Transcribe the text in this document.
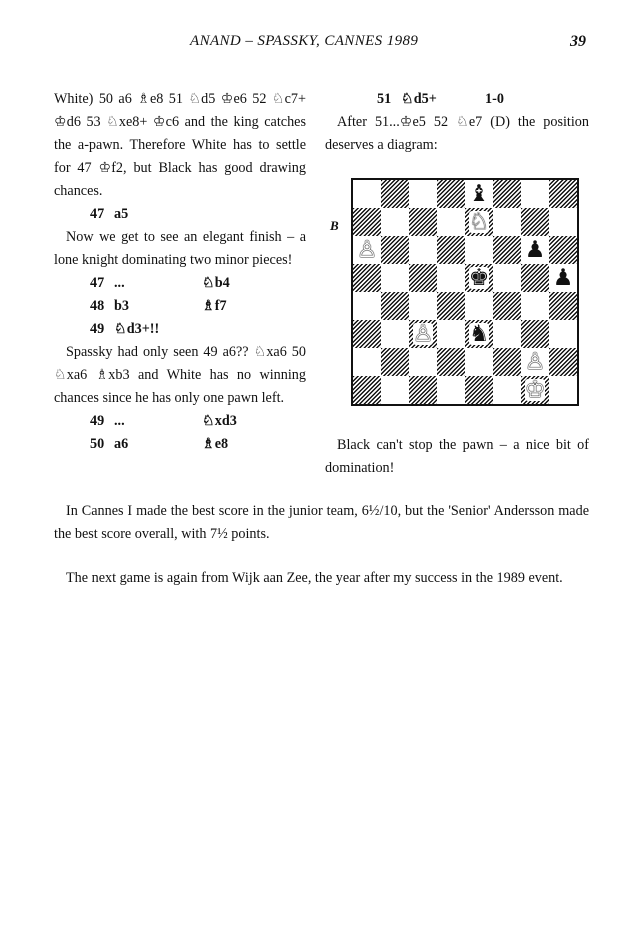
ANAND – SPASSKY, CANNES 1989	39

White) 50 a6 ♗e8 51 ♘d5 ♔e6 52 ♘c7+ ♔d6 53 ♘xe8+ ♔c6 and the king catches the a-pawn. Therefore White has to settle for 47 ♔f2, but Black has good drawing chances.

47 a5

Now we get to see an elegant finish – a lone knight dominating two minor pieces!

47 ...	♘b4
48 b3	♗f7
49 ♘d3+!!

Spassky had only seen 49 a6?? ♘xa6 50 ♘xa6 ♗xb3 and White has no winning chances since he has only one pawn left.

49 ...	♘xd3
50 a6	♗e8
51 ♘d5+	1-0

After 51...♔e5 52 ♘e7 (D) the position deserves a diagram:

B
♝
♘
♙	♟
♚	♟
♙ ♞
♙
♔

Black can't stop the pawn – a nice bit of domination!

In Cannes I made the best score in the junior team, 6½/10, but the 'Senior' Andersson made the best score overall, with 7½ points.

The next game is again from Wijk aan Zee, the year after my success in the 1989 event.
